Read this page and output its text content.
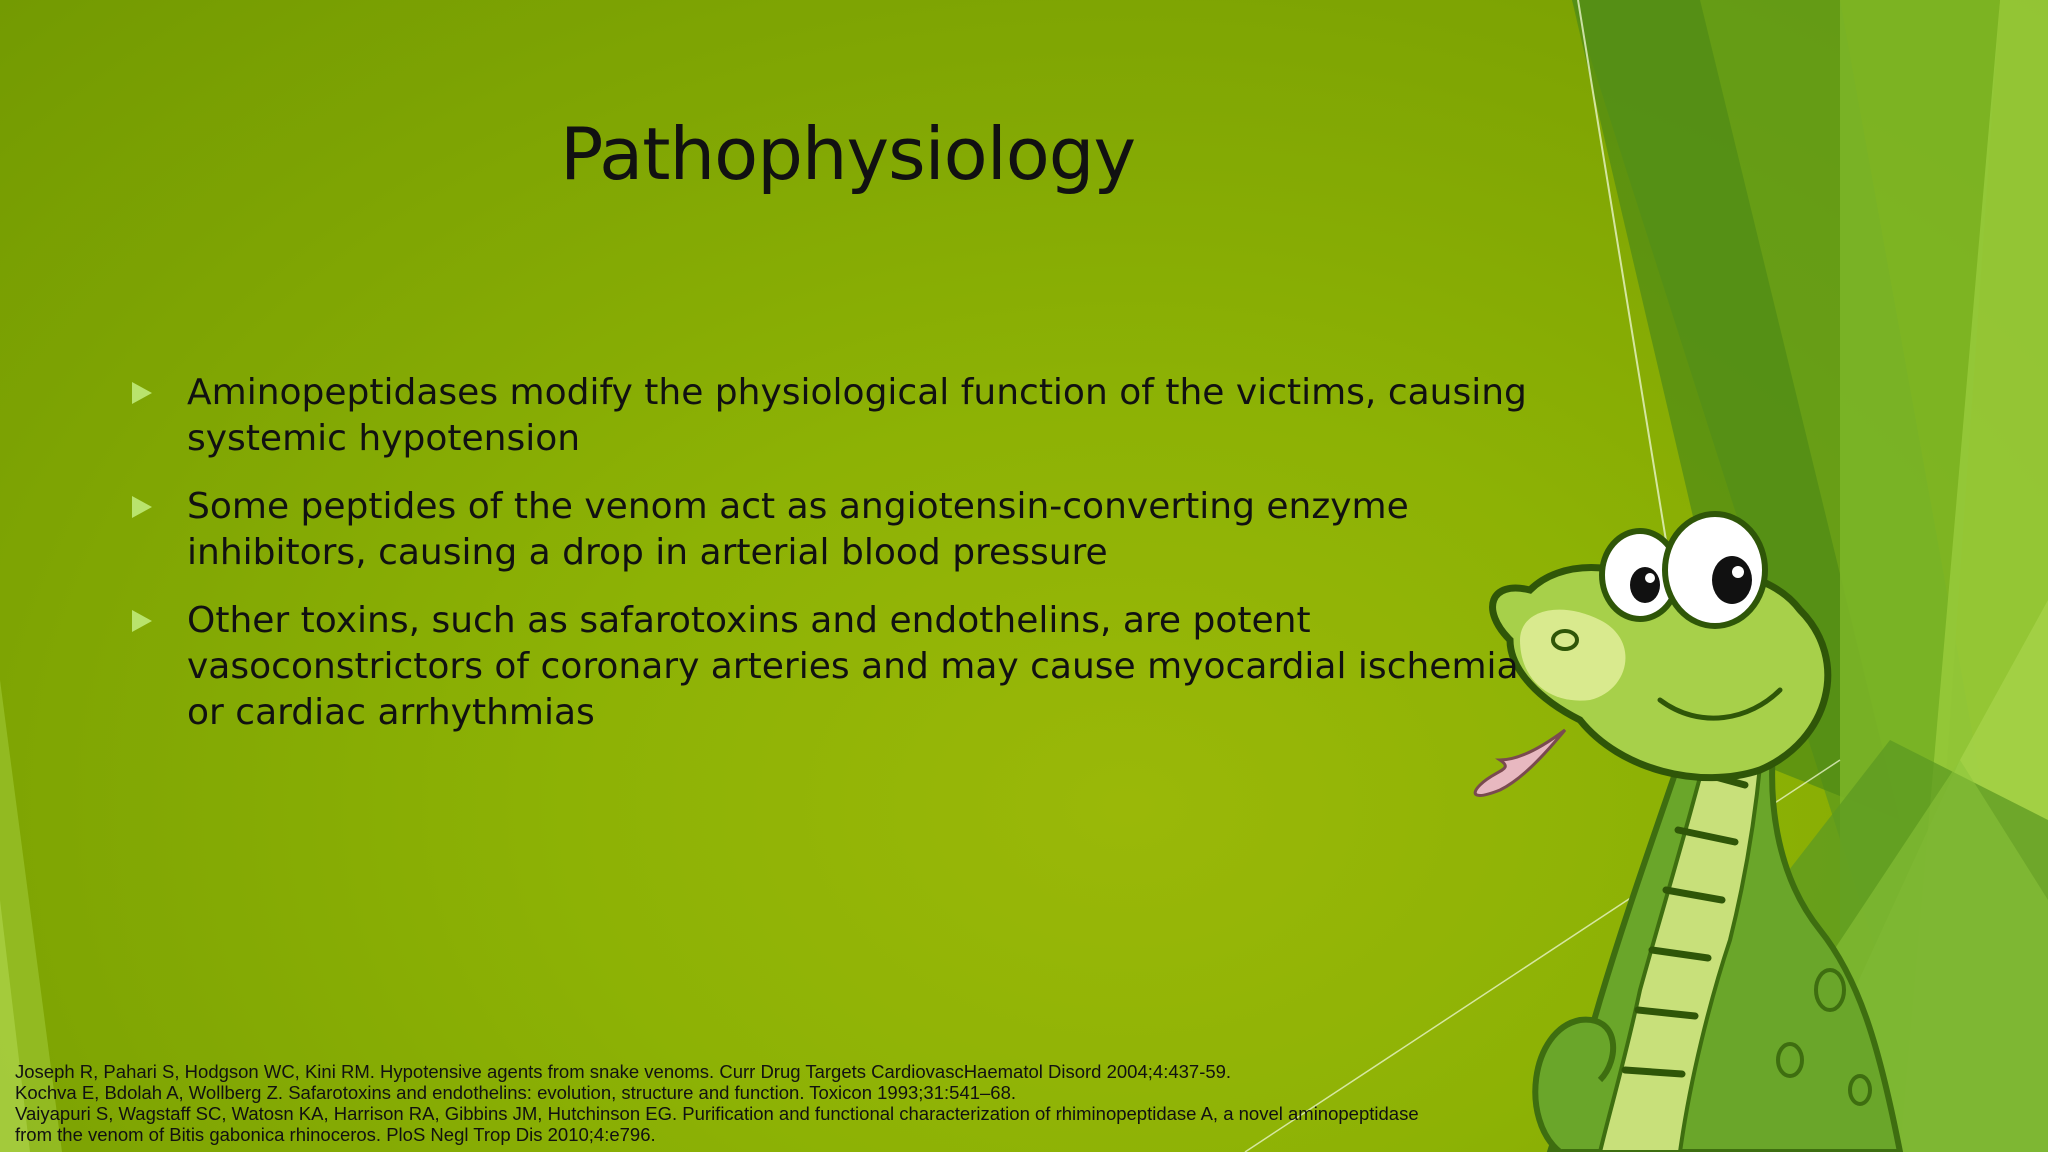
Pathophysiology
Aminopeptidases modify the physiological function of the victims, causing systemic hypotension
Some peptides of the venom act as angiotensin-converting enzyme inhibitors, causing a drop in arterial blood pressure
Other toxins, such as safarotoxins and endothelins, are potent vasoconstrictors of coronary arteries and may cause myocardial ischemia or cardiac arrhythmias
Joseph R, Pahari S, Hodgson WC, Kini RM. Hypotensive agents from snake venoms. Curr Drug Targets CardiovascHaematol Disord 2004;4:437-59.
Kochva E, Bdolah A, Wollberg Z. Safarotoxins and endothelins: evolution, structure and function. Toxicon 1993;31:541–68.
Vaiyapuri S, Wagstaff SC, Watosn KA, Harrison RA, Gibbins JM, Hutchinson EG. Purification and functional characterization of rhiminopeptidase A, a novel aminopeptidase
from the venom of Bitis gabonica rhinoceros. PloS Negl Trop Dis 2010;4:e796.
